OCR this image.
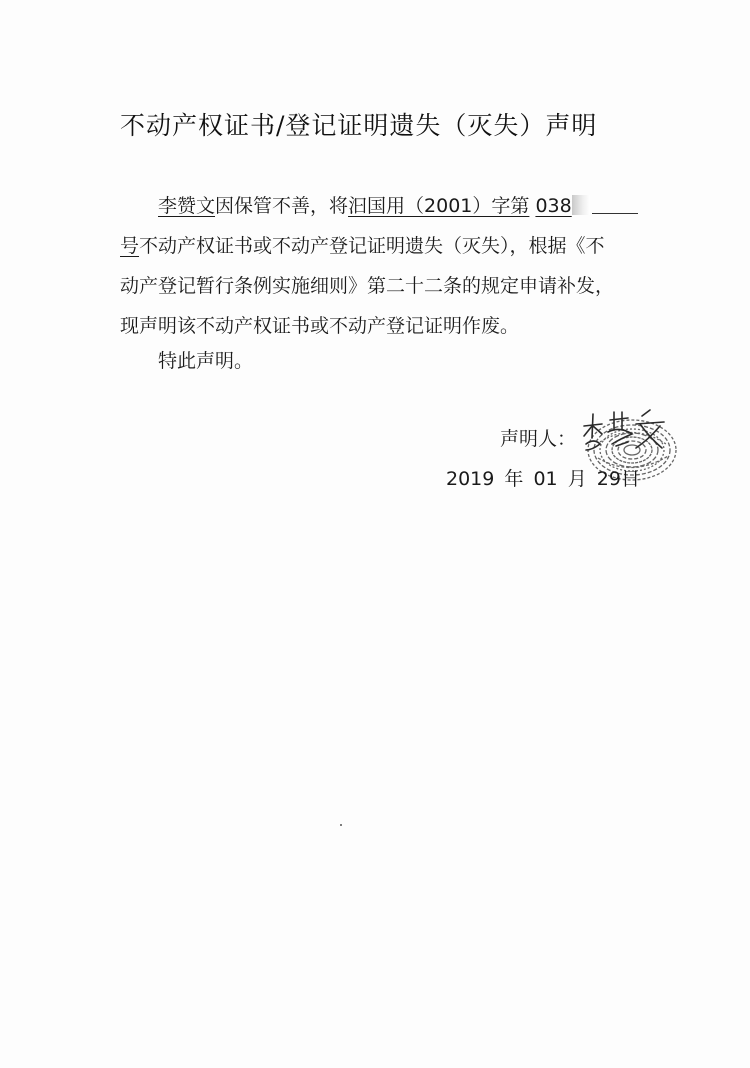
不动产权证书/登记证明遗失（灭失）声明
李赞文因保管不善，将汩国用（2001）字第 038
号不动产权证书或不动产登记证明遗失（灭失），根据《不
动产登记暂行条例实施细则》第二十二条的规定申请补发，
现声明该不动产权证书或不动产登记证明作废。
特此声明。
声明人：
2019 年 01 月 29日
